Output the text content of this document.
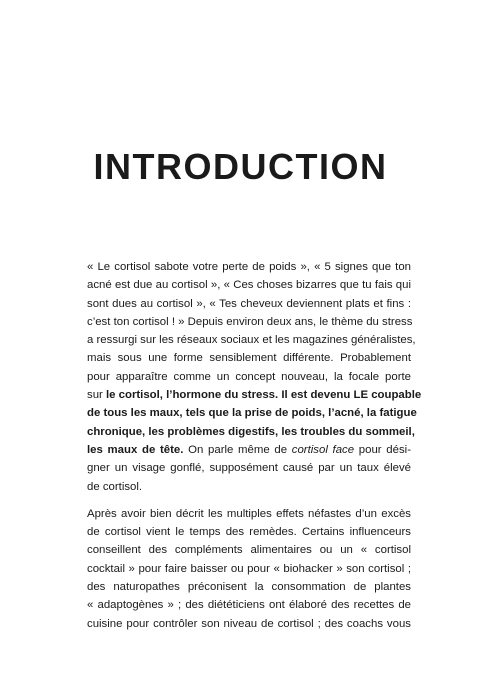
INTRODUCTION

« Le cortisol sabote votre perte de poids », « 5 signes que ton
acné est due au cortisol », « Ces choses bizarres que tu fais qui
sont dues au cortisol », « Tes cheveux deviennent plats et fins :
c’est ton cortisol ! » Depuis environ deux ans, le thème du stress
a ressurgi sur les réseaux sociaux et les magazines généralistes,
mais sous une forme sensiblement différente. Probablement
pour apparaître comme un concept nouveau, la focale porte
sur le cortisol, l’hormone du stress. Il est devenu LE coupable
de tous les maux, tels que la prise de poids, l’acné, la fatigue
chronique, les problèmes digestifs, les troubles du sommeil,
les maux de tête. On parle même de cortisol face pour dési-
gner un visage gonflé, supposément causé par un taux élevé
de cortisol.

Après avoir bien décrit les multiples effets néfastes d’un excès
de cortisol vient le temps des remèdes. Certains influenceurs
conseillent des compléments alimentaires ou un « cortisol
cocktail » pour faire baisser ou pour « biohacker » son cortisol ;
des naturopathes préconisent la consommation de plantes
« adaptogènes » ; des diététiciens ont élaboré des recettes de
cuisine pour contrôler son niveau de cortisol ; des coachs vous
